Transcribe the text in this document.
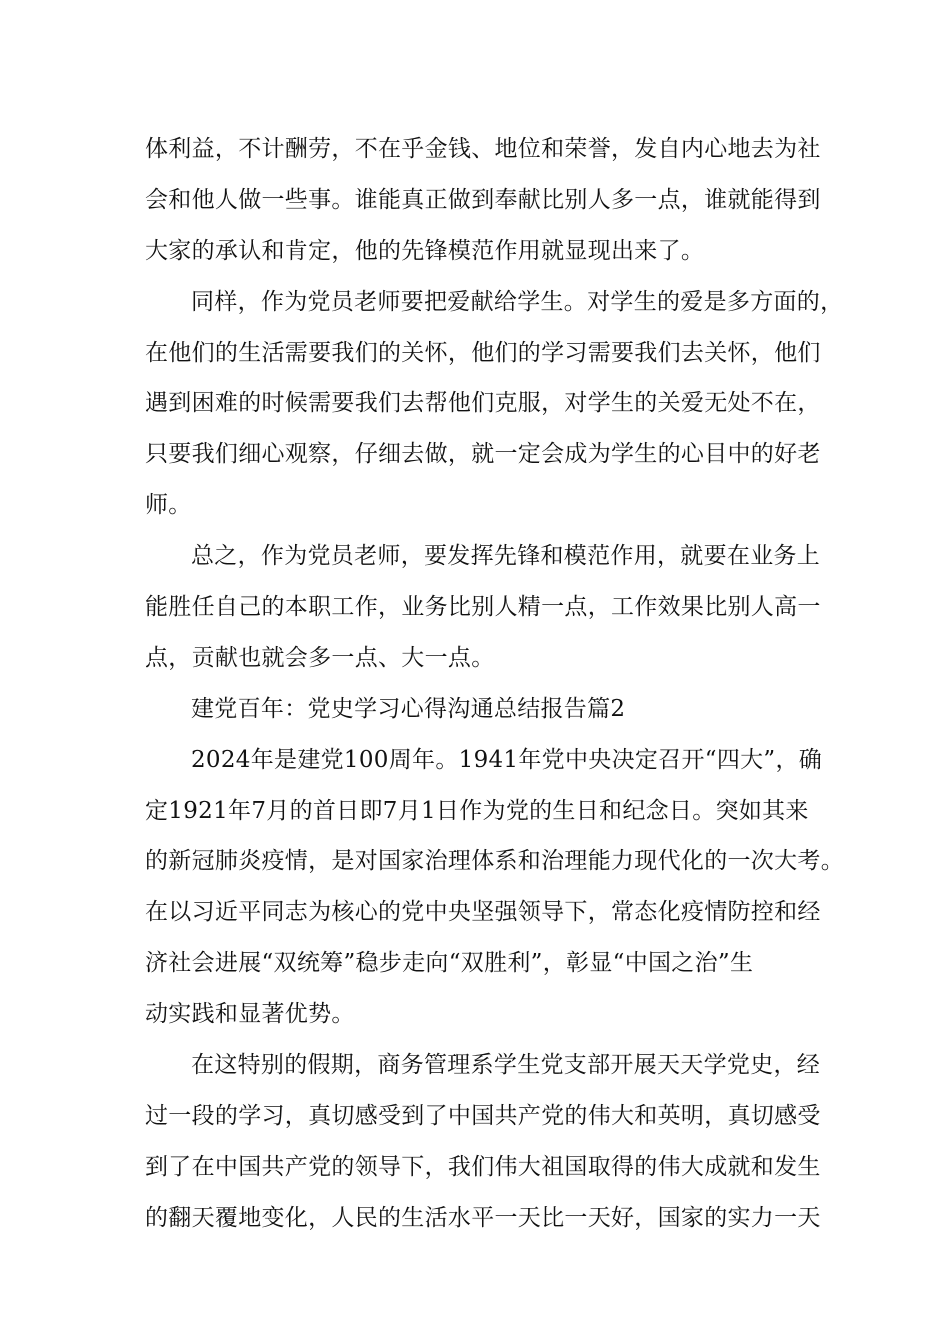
体利益，不计酬劳，不在乎金钱、地位和荣誉，发自内心地去为社
会和他人做一些事。谁能真正做到奉献比别人多一点，谁就能得到
大家的承认和肯定，他的先锋模范作用就显现出来了。
同样，作为党员老师要把爱献给学生。对学生的爱是多方面的，
在他们的生活需要我们的关怀，他们的学习需要我们去关怀，他们
遇到困难的时候需要我们去帮他们克服，对学生的关爱无处不在，
只要我们细心观察，仔细去做，就一定会成为学生的心目中的好老
师。
总之，作为党员老师，要发挥先锋和模范作用，就要在业务上
能胜任自己的本职工作，业务比别人精一点，工作效果比别人高一
点，贡献也就会多一点、大一点。
建党百年：党史学习心得沟通总结报告篇2
2024年是建党100周年。1941年党中央决定召开“四大”，确
定1921年7月的首日即7月1日作为党的生日和纪念日。突如其来
的新冠肺炎疫情，是对国家治理体系和治理能力现代化的一次大考。
在以习近平同志为核心的党中央坚强领导下，常态化疫情防控和经
济社会进展“双统筹”稳步走向“双胜利”，彰显“中国之治”生
动实践和显著优势。
在这特别的假期，商务管理系学生党支部开展天天学党史，经
过一段的学习，真切感受到了中国共产党的伟大和英明，真切感受
到了在中国共产党的领导下，我们伟大祖国取得的伟大成就和发生
的翻天覆地变化，人民的生活水平一天比一天好，国家的实力一天
